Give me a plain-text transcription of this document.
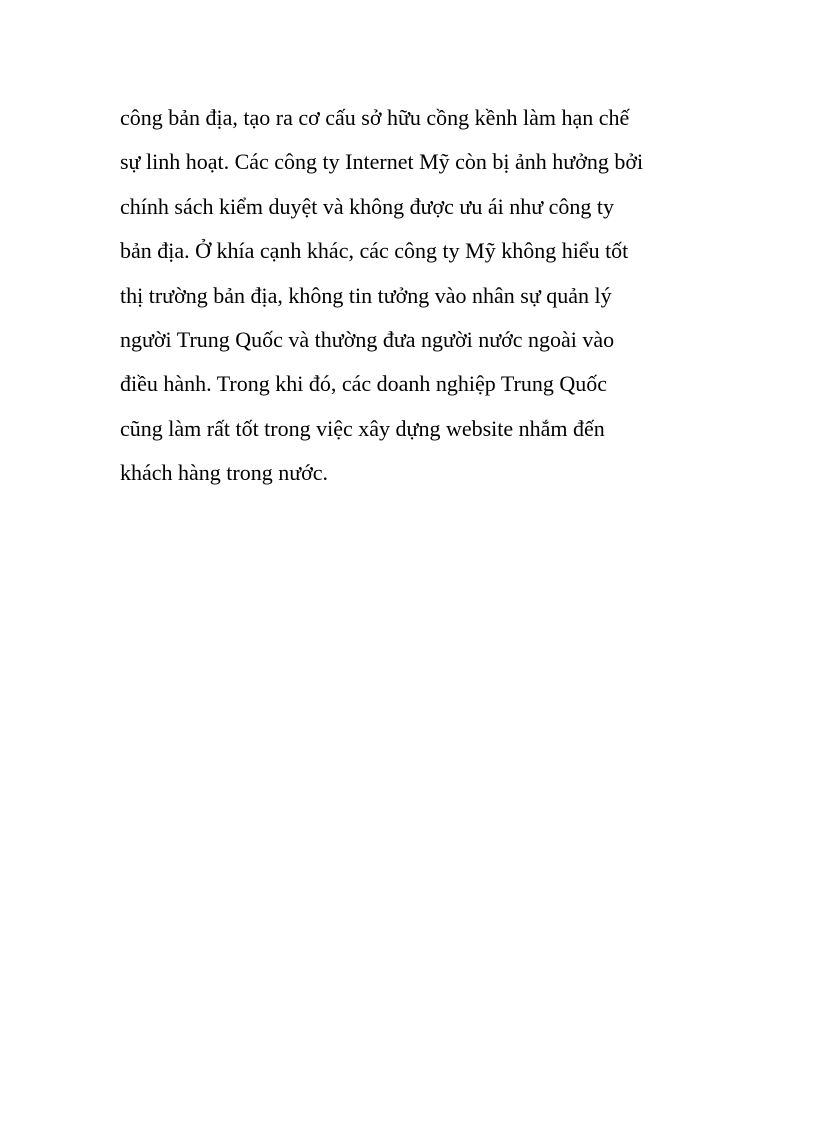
công bản địa, tạo ra cơ cấu sở hữu cồng kềnh làm hạn chế
sự linh hoạt. Các công ty Internet Mỹ còn bị ảnh hưởng bởi
chính sách kiểm duyệt và không được ưu ái như công ty
bản địa. Ở khía cạnh khác, các công ty Mỹ không hiểu tốt
thị trường bản địa, không tin tưởng vào nhân sự quản lý
người Trung Quốc và thường đưa người nước ngoài vào
điều hành. Trong khi đó, các doanh nghiệp Trung Quốc
cũng làm rất tốt trong việc xây dựng website nhắm đến
khách hàng trong nước.
